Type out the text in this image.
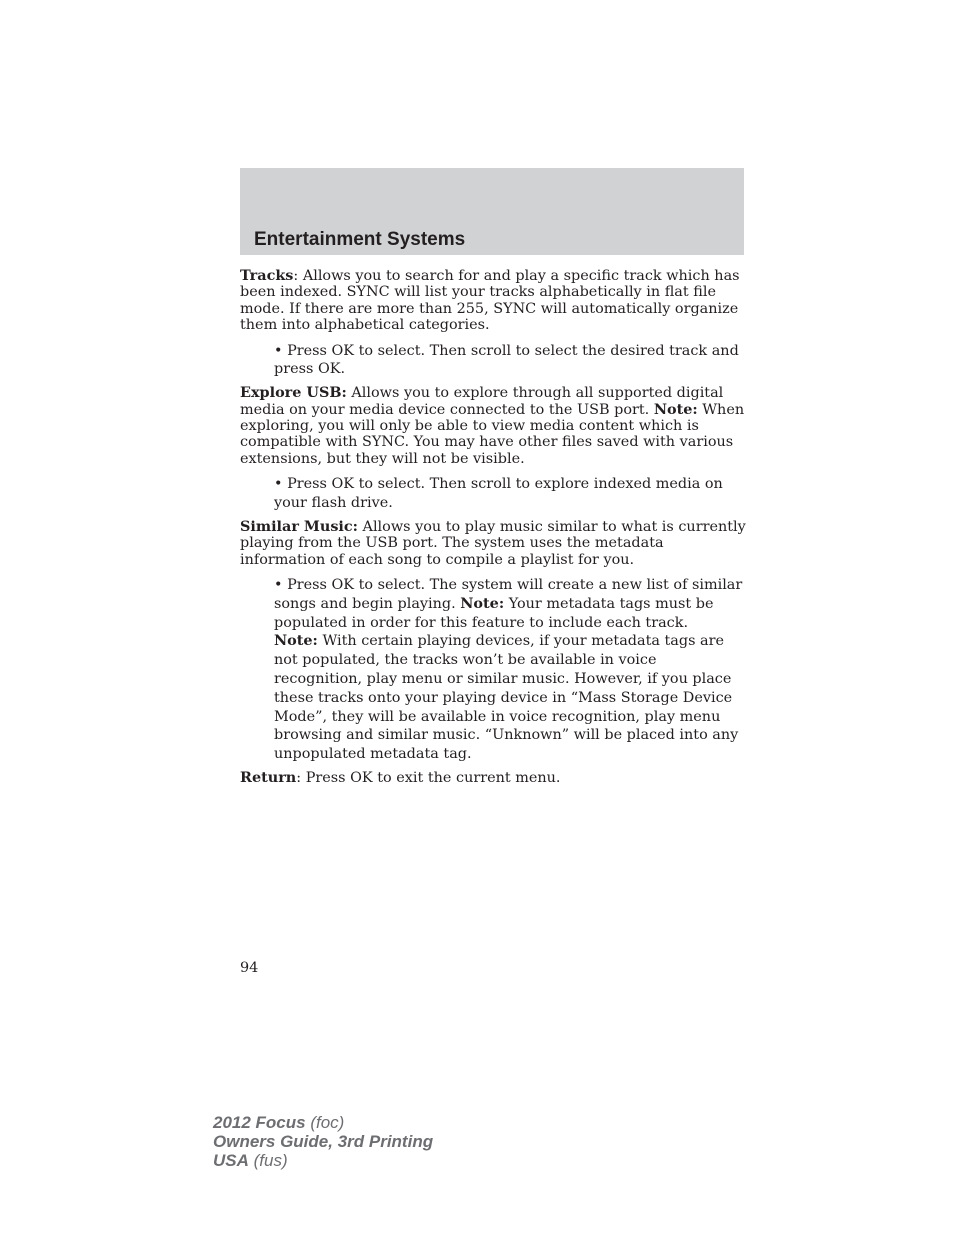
Entertainment Systems

Tracks: Allows you to search for and play a specific track which has been indexed. SYNC will list your tracks alphabetically in flat file mode. If there are more than 255, SYNC will automatically organize them into alphabetical categories.

• Press OK to select. Then scroll to select the desired track and press OK.

Explore USB: Allows you to explore through all supported digital media on your media device connected to the USB port. Note: When exploring, you will only be able to view media content which is compatible with SYNC. You may have other files saved with various extensions, but they will not be visible.

• Press OK to select. Then scroll to explore indexed media on your flash drive.

Similar Music: Allows you to play music similar to what is currently playing from the USB port. The system uses the metadata information of each song to compile a playlist for you.

• Press OK to select. The system will create a new list of similar songs and begin playing. Note: Your metadata tags must be populated in order for this feature to include each track.
Note: With certain playing devices, if your metadata tags are not populated, the tracks won’t be available in voice recognition, play menu or similar music. However, if you place these tracks onto your playing device in “Mass Storage Device Mode”, they will be available in voice recognition, play menu browsing and similar music. “Unknown” will be placed into any unpopulated metadata tag.

Return: Press OK to exit the current menu.

94
2012 Focus (foc)
Owners Guide, 3rd Printing
USA (fus)
